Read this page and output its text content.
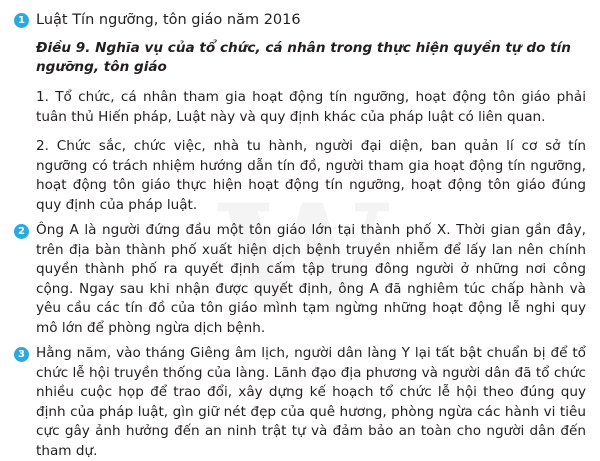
1 Luật Tín ngưỡng, tôn giáo năm 2016

Điều 9. Nghĩa vụ của tổ chức, cá nhân trong thực hiện quyền tự do tín ngưỡng, tôn giáo

1. Tổ chức, cá nhân tham gia hoạt động tín ngưỡng, hoạt động tôn giáo phải tuân thủ Hiến pháp, Luật này và quy định khác của pháp luật có liên quan.

2. Chức sắc, chức việc, nhà tu hành, người đại diện, ban quản lí cơ sở tín ngưỡng có trách nhiệm hướng dẫn tín đồ, người tham gia hoạt động tín ngưỡng, hoạt động tôn giáo thực hiện hoạt động tín ngưỡng, hoạt động tôn giáo đúng quy định của pháp luật.

2 Ông A là người đứng đầu một tôn giáo lớn tại thành phố X. Thời gian gần đây, trên địa bàn thành phố xuất hiện dịch bệnh truyền nhiễm để lấy lan nên chính quyền thành phố ra quyết định cấm tập trung đông người ở những nơi công cộng. Ngay sau khi nhận được quyết định, ông A đã nghiêm túc chấp hành và yêu cầu các tín đồ của tôn giáo mình tạm ngừng những hoạt động lễ nghi quy mô lớn để phòng ngừa dịch bệnh.

3 Hằng năm, vào tháng Giêng âm lịch, người dân làng Y lại tất bật chuẩn bị để tổ chức lễ hội truyền thống của làng. Lãnh đạo địa phương và người dân đã tổ chức nhiều cuộc họp để trao đổi, xây dựng kế hoạch tổ chức lễ hội theo đúng quy định của pháp luật, gìn giữ nét đẹp của quê hương, phòng ngừa các hành vi tiêu cực gây ảnh hưởng đến an ninh trật tự và đảm bảo an toàn cho người dân đến tham dự.
